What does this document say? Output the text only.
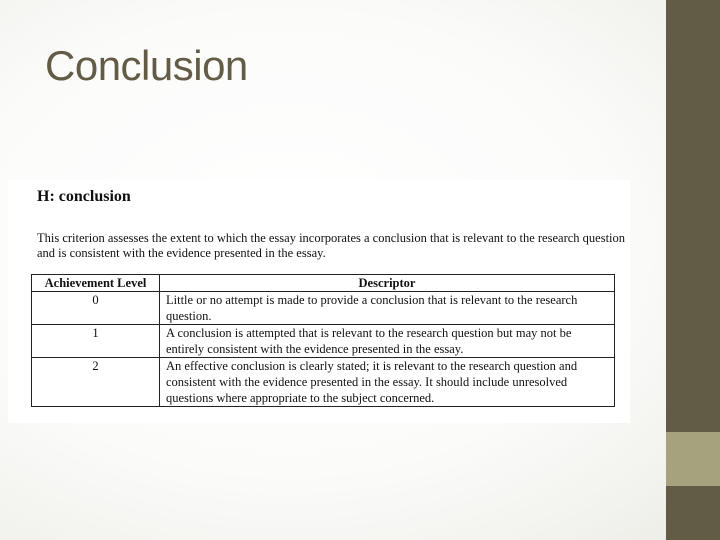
Conclusion
H: conclusion
This criterion assesses the extent to which the essay incorporates a conclusion that is relevant to the research question and is consistent with the evidence presented in the essay.
Achievement Level	Descriptor
0	Little or no attempt is made to provide a conclusion that is relevant to the research question.
1	A conclusion is attempted that is relevant to the research question but may not be entirely consistent with the evidence presented in the essay.
2	An effective conclusion is clearly stated; it is relevant to the research question and consistent with the evidence presented in the essay. It should include unresolved questions where appropriate to the subject concerned.
